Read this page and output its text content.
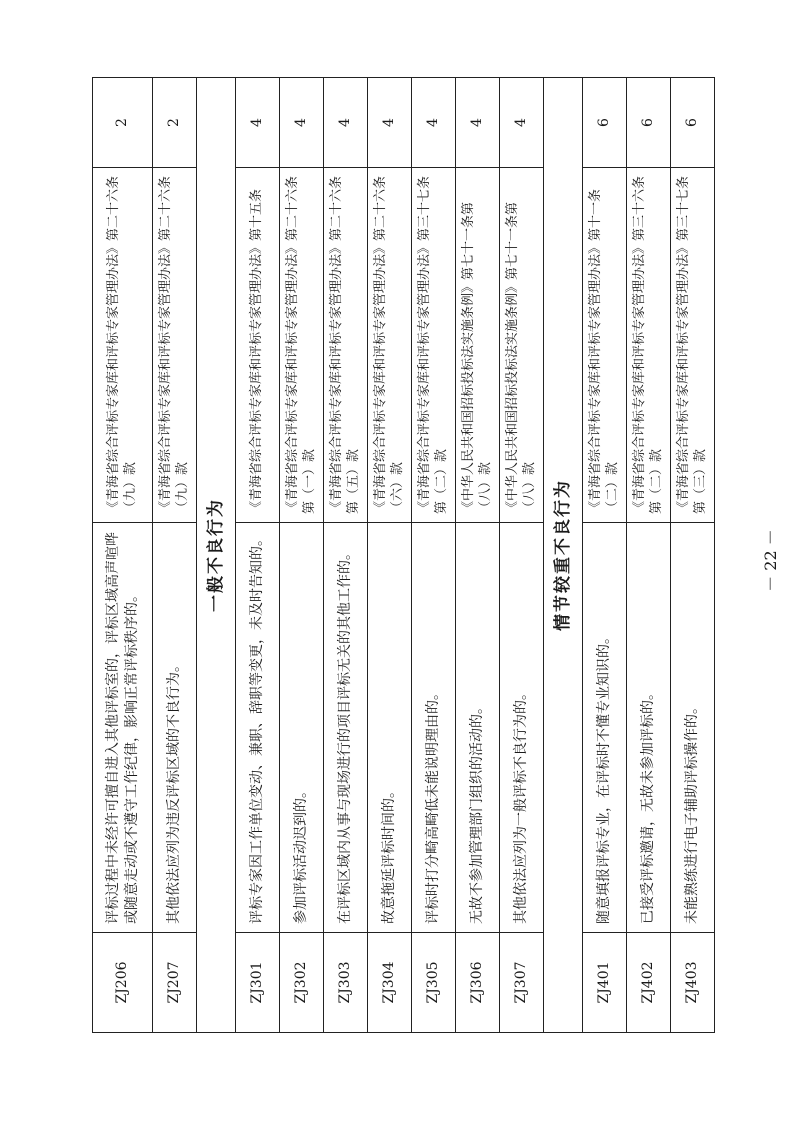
ZJ206	评标过程中未经许可擅自进入其他评标室的，评标区域高声喧哗或随意走动或不遵守工作纪律，影响正常评标秩序的。	《青海省综合评标专家库和评标专家管理办法》第二十六条（九）款	2
ZJ207	其他依法应列为违反评标区域的不良行为。	《青海省综合评标专家库和评标专家管理办法》第二十六条（九）款	2
一般不良行为			
ZJ301	评标专家因工作单位变动、兼职、辞职等变更，未及时告知的。	《青海省综合评标专家库和评标专家管理办法》第十五条	4
ZJ302	参加评标活动迟到的。	《青海省综合评标专家库和评标专家管理办法》第二十六条第（一）款	4
ZJ303	在评标区域内从事与现场进行的项目评标无关的其他工作的。	《青海省综合评标专家库和评标专家管理办法》第二十六条第（五）款	4
ZJ304	故意拖延评标时间的。	《青海省综合评标专家库和评标专家管理办法》第二十六条（六）款	4
ZJ305	评标时打分畸高畸低未能说明理由的。	《青海省综合评标专家库和评标专家管理办法》第三十七条第（二）款	4
ZJ306	无故不参加管理部门组织的活动的。	《中华人民共和国招标投标法实施条例》第七十一条第（八）款	4
ZJ307	其他依法应列为一般评标不良行为的。	《中华人民共和国招标投标法实施条例》第七十一条第（八）款	4
情节较重不良行为			
ZJ401	随意填报评标专业，在评标时不懂专业知识的。	《青海省综合评标专家库和评标专家管理办法》第十一条（二）款	6
ZJ402	已接受评标邀请，无故未参加评标的。	《青海省综合评标专家库和评标专家管理办法》第三十六条第（二）款	6
ZJ403	未能熟练进行电子辅助评标操作的。	《青海省综合评标专家库和评标专家管理办法》第三十七条第（三）款	6
－ 22 －
